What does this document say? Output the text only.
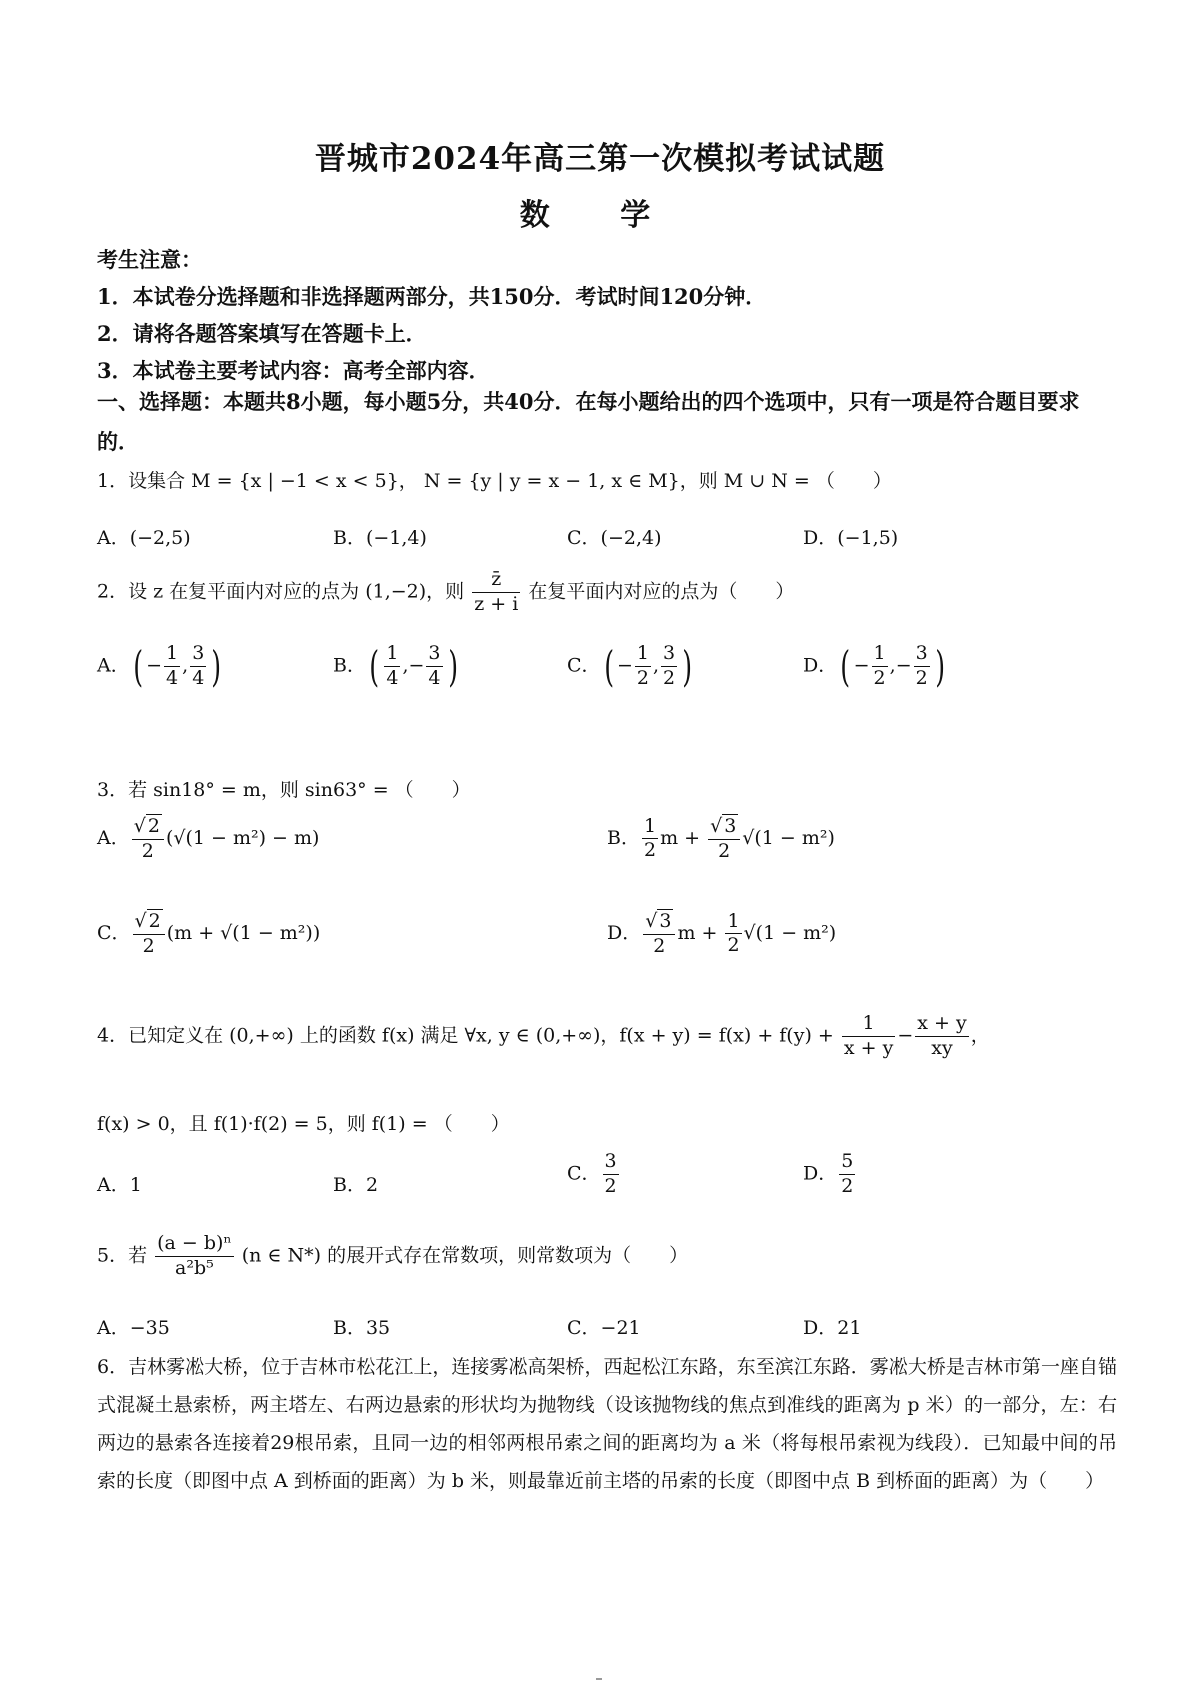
晋城市2024年高三第一次模拟考试试题
数 学
考生注意：
1．本试卷分选择题和非选择题两部分，共150分．考试时间120分钟．
2．请将各题答案填写在答题卡上．
3．本试卷主要考试内容：高考全部内容．
一、选择题：本题共8小题，每小题5分，共40分．在每小题给出的四个选项中，只有一项是符合题目要求的．
1．设集合 M = {x | −1 < x < 5}， N = {y | y = x − 1, x ∈ M}，则 M ∪ N = （　　）
A．(−2,5)	B．(−1,4)	C．(−2,4)	D．(−1,5)
2．设 z 在复平面内对应的点为 (1,−2)，则 $\frac{z̄}{z + i}$ 在复平面内对应的点为（　　）
A．( − $\frac{1}{4}$ , $\frac{3}{4}$ )	B．( $\frac{1}{4}$ ,− $\frac{3}{4}$ )	C．( − $\frac{1}{2}$ , $\frac{3}{2}$ )	D．( − $\frac{1}{2}$ ,− $\frac{3}{2}$ )
3．若 sin18° = m，则 sin63° = （　　）
A． $\frac{√ 2}{2} (√(1 - m^2) - m)$	B． $\frac{1}{2}$ $m + \frac{√ 3}{2} √(1 - m^2)$
C． $\frac{√ 2}{2} (m + √(1 - m^2))$	D． $\frac{√ 3}{2}$ $m + \frac{1}{2} √(1 - m^2)$
4．已知定义在 (0,+∞) 上的函数 f(x) 满足 ∀x, y ∈ (0,+∞)，$f(x + y) = f(x) + f(y) + \frac{1}{x + y} - \frac{x + y}{xy}$ ，
f(x) > 0，且 f(1)·f(2) = 5，则 f(1) = （　　）
A．1	B．2
C． $\frac{3}{2}$	D． $\frac{5}{2}$
5．若 $\frac{\text{(a − b)ⁿ}}{\text{a²b⁵}} (n$ ∈ N*) 的展开式存在常数项，则常数项为（　　）
A．−35	B．35	C．−21	D．21
6．吉林雾凇大桥，位于吉林市松花江上，连接雾凇高架桥，西起松江东路，东至滨江东路．雾凇大桥是吉林市第一座自锚式混凝土悬索桥，两主塔左、右两边悬索的形状均为抛物线（设该抛物线的焦点到准线的距离为 p 米）的一部分，左：右两边的悬索各连接着29根吊索，且同一边的相邻两根吊索之间的距离均为 a 米（将每根吊索视为线段）．已知最中间的吊索的长度（即图中点 A 到桥面的距离）为 b 米，则最靠近前主塔的吊索的长度（即图中点 B 到桥面的距离）为（　　）
